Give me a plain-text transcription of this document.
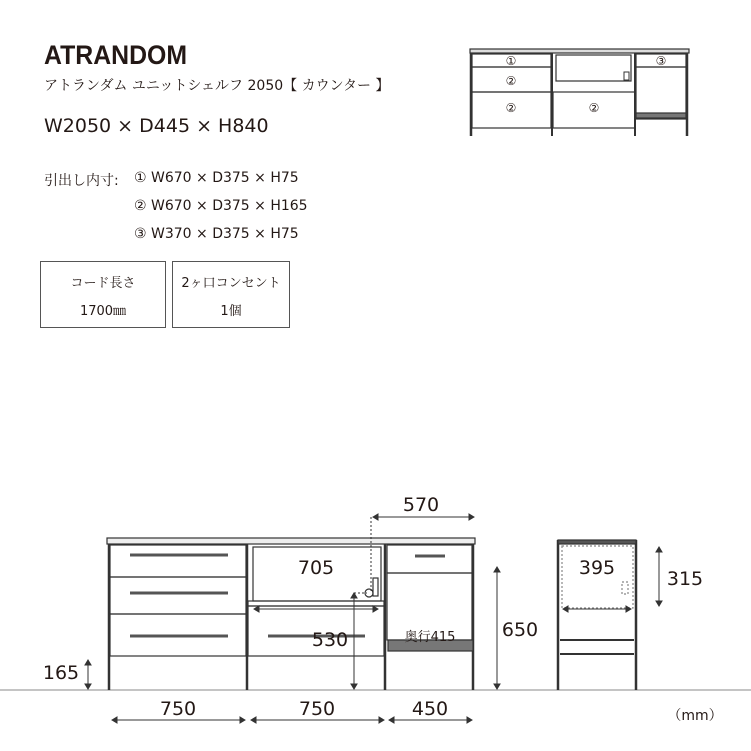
ATRANDOM
アトランダム ユニットシェルフ 2050【 カウンター 】
W2050 × D445 × H840
引出し内寸: ① W670 × D375 × H75
② W670 × D375 × H165
③ W370 × D375 × H75
コード長さ
1700㎜
2ヶ口コンセント
1個
①
②
②	②
③
570
705
530	650
165
315
395
750	750	450
奥行415
（mm）
